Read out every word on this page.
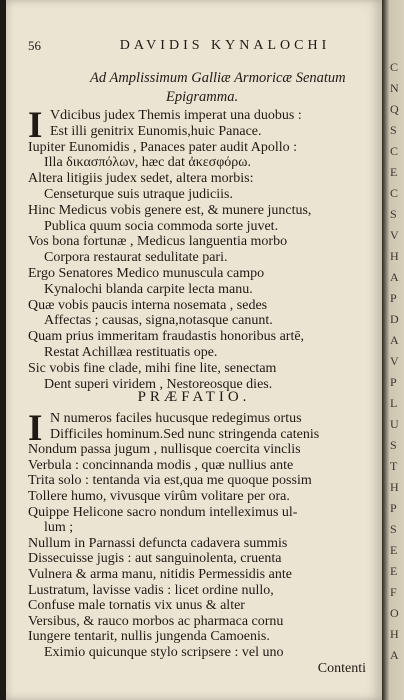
56	DAVIDIS KYNALOCHI
Ad Amplissimum Galliæ Armoricæ Senatum
Epigramma.
I Vdicibus judex Themis imperat una duobus :
Est illi genitrix Eunomis,huic Panace.
Iupiter Eunomidis , Panaces pater audit Apollo :
Illa δικασπόλων, hæc dat ἀκεσφόρω.
Altera litigiis judex sedet, altera morbis:
Censeturque suis utraque judiciis.
Hinc Medicus vobis genere est, & munere junctus,
Publica quum socia commoda sorte juvet.
Vos bona fortunæ , Medicus languentia morbo
Corpora restaurat sedulitate pari.
Ergo Senatores Medico munuscula campo
Kynalochi blanda carpite lecta manu.
Quæ vobis paucis interna nosemata , sedes
Affectas ; causas, signa,notasque canunt.
Quam prius immeritam fraudastis honoribus artē,
Restat Achillæa restituatis ope.
Sic vobis fine clade, mihi fine lite, senectam
Dent superi viridem , Nestoreosque dies.
PRÆFATIO.
I N numeros faciles hucusque redegimus ortus
Difficiles hominum.Sed nunc stringenda catenis
Nondum passa jugum , nullisque coercita vinclis
Verbula : concinnanda modis , quæ nullius ante
Trita solo : tentanda via est,qua me quoque possim
Tollere humo, vivusque virûm volitare per ora.
Quippe Helicone sacro nondum intelleximus ul-
lum ;
Nullum in Parnassi defuncta cadavera summis
Dissecuisse jugis : aut sanguinolenta, cruenta
Vulnera & arma manu, nitidis Permessidis ante
Lustratum, lavisse vadis : licet ordine nullo,
Confuse male tornatis vix unus & alter
Versibus, & rauco morbos ac pharmaca cornu
Iungere tentarit, nullis jungenda Camoenis.
Eximio quicunque stylo scripsere : vel uno
Contenti
C
N
Q
S
C
E
C
S
V
H
A
P
D
A
V
P
L
U
S
T
H
P
S
E
E
F
O
H
A
